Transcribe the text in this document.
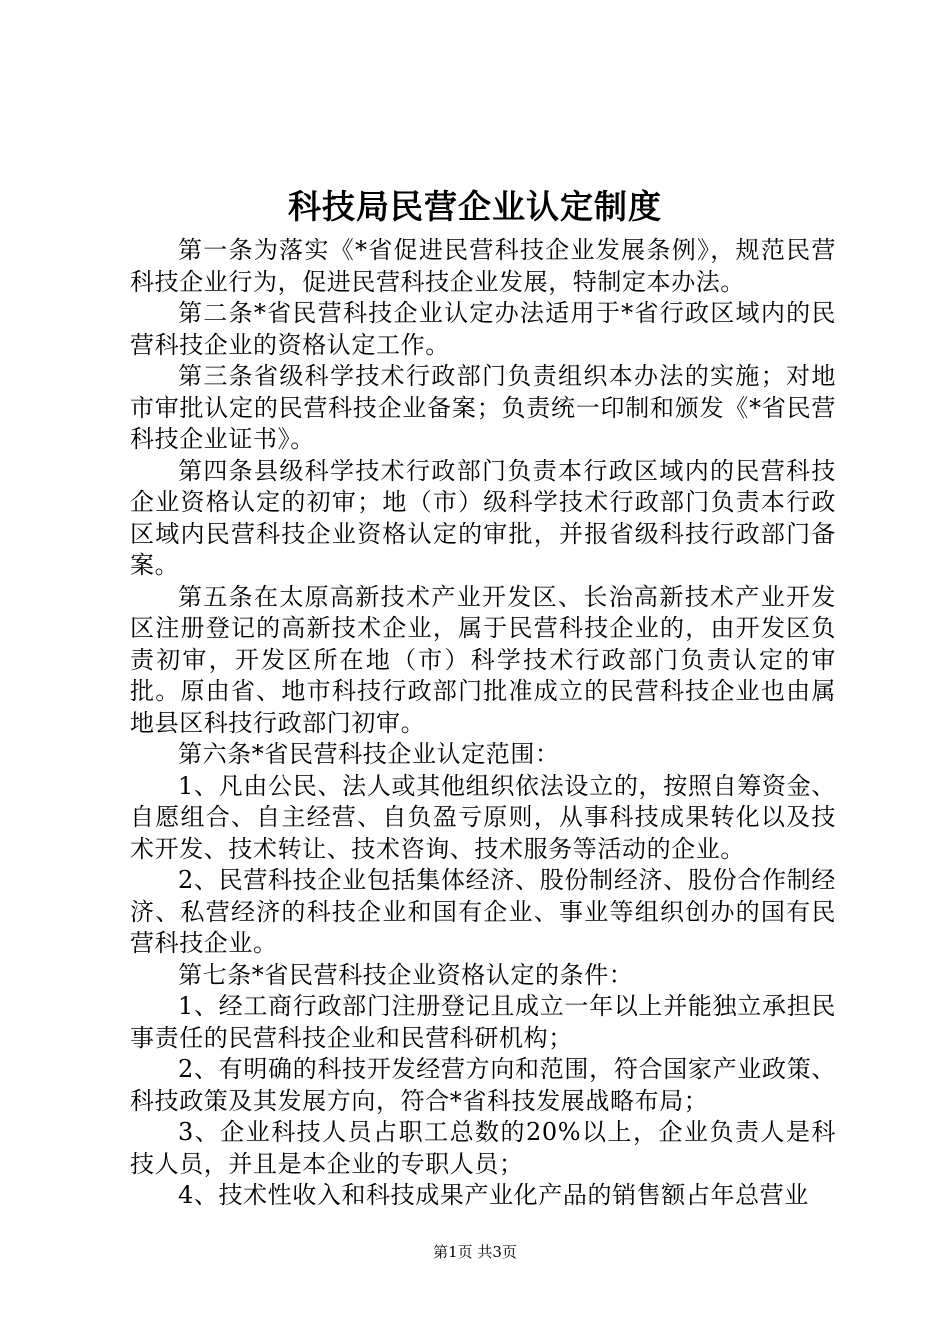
科技局民营企业认定制度

第一条为落实《*省促进民营科技企业发展条例》，规范民营科技企业行为，促进民营科技企业发展，特制定本办法。

第二条*省民营科技企业认定办法适用于*省行政区域内的民营科技企业的资格认定工作。

第三条省级科学技术行政部门负责组织本办法的实施；对地市审批认定的民营科技企业备案；负责统一印制和颁发《*省民营科技企业证书》。

第四条县级科学技术行政部门负责本行政区域内的民营科技企业资格认定的初审；地（市）级科学技术行政部门负责本行政区域内民营科技企业资格认定的审批，并报省级科技行政部门备案。

第五条在太原高新技术产业开发区、长治高新技术产业开发区注册登记的高新技术企业，属于民营科技企业的，由开发区负责初审，开发区所在地（市）科学技术行政部门负责认定的审批。原由省、地市科技行政部门批准成立的民营科技企业也由属地县区科技行政部门初审。

第六条*省民营科技企业认定范围：

1、凡由公民、法人或其他组织依法设立的，按照自筹资金、自愿组合、自主经营、自负盈亏原则，从事科技成果转化以及技术开发、技术转让、技术咨询、技术服务等活动的企业。

2、民营科技企业包括集体经济、股份制经济、股份合作制经济、私营经济的科技企业和国有企业、事业等组织创办的国有民营科技企业。

第七条*省民营科技企业资格认定的条件：

1、经工商行政部门注册登记且成立一年以上并能独立承担民事责任的民营科技企业和民营科研机构；

2、有明确的科技开发经营方向和范围，符合国家产业政策、科技政策及其发展方向，符合*省科技发展战略布局；

3、企业科技人员占职工总数的20%以上，企业负责人是科技人员，并且是本企业的专职人员；

4、技术性收入和科技成果产业化产品的销售额占年总营业

第1页 共3页
